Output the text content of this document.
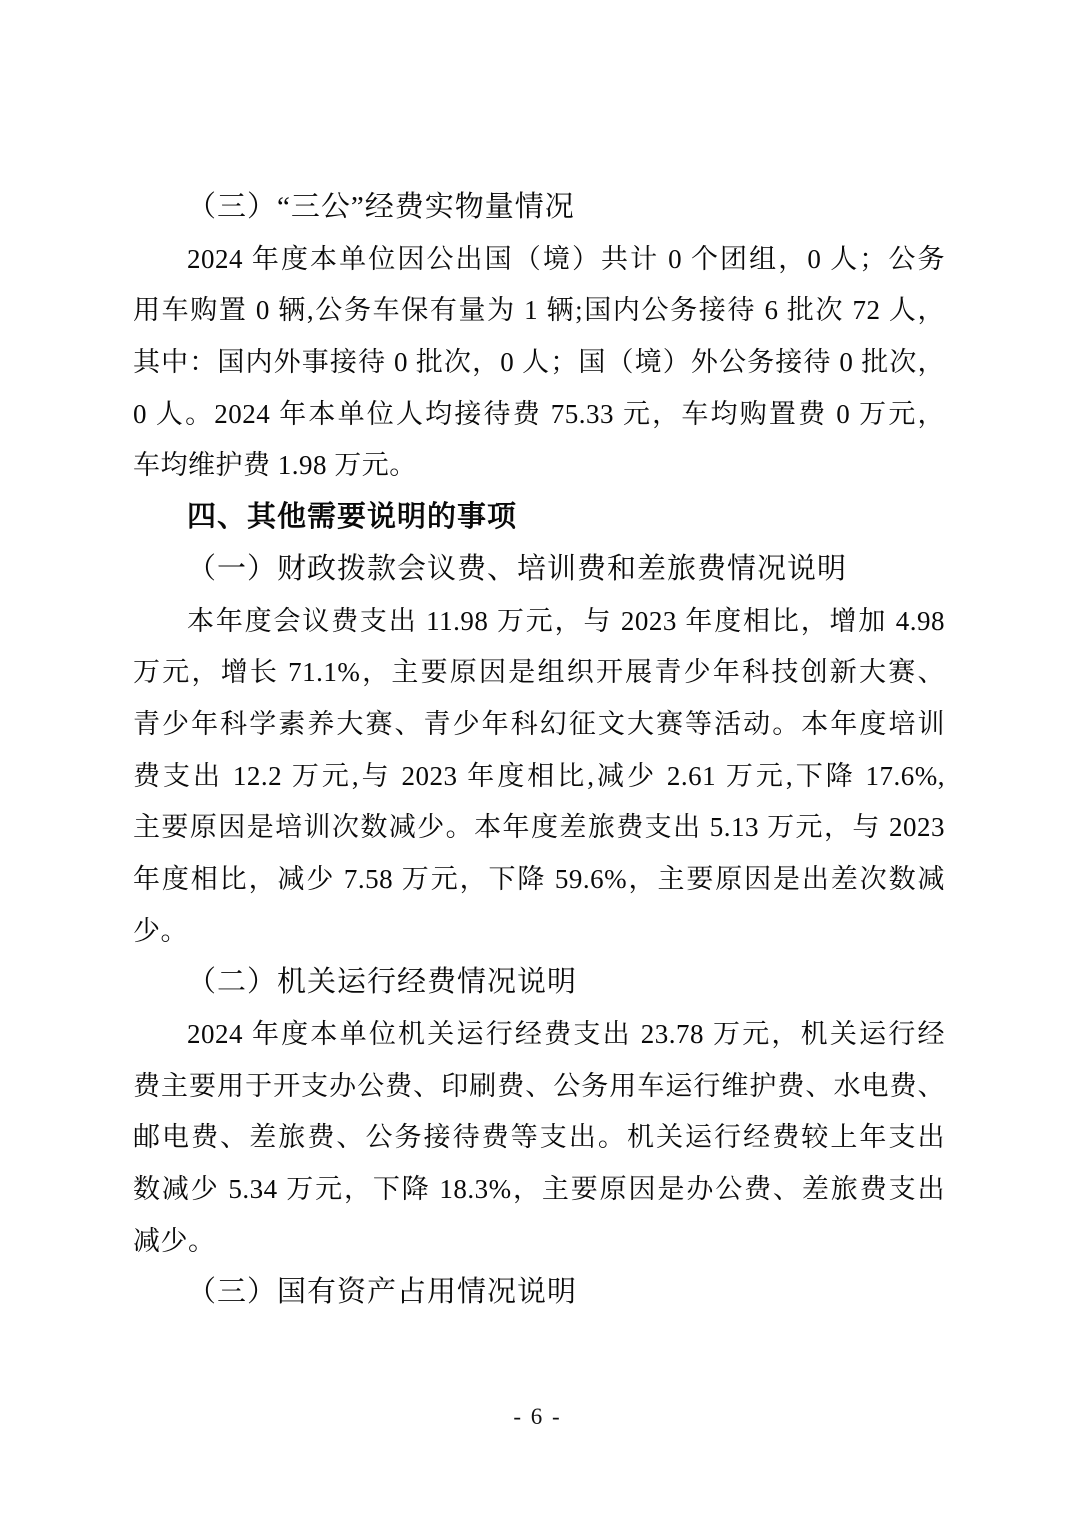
（三）“三公”经费实物量情况

2024 年度本单位因公出国（境）共计 0 个团组，0 人；公务

用车购置 0 辆,公务车保有量为 1 辆;国内公务接待 6 批次 72 人，

其中：国内外事接待 0 批次，0 人；国（境）外公务接待 0 批次，

0 人。2024 年本单位人均接待费 75.33 元，车均购置费 0 万元，

车均维护费 1.98 万元。

四、其他需要说明的事项

（一）财政拨款会议费、培训费和差旅费情况说明

本年度会议费支出 11.98 万元，与 2023 年度相比，增加 4.98

万元，增长 71.1%，主要原因是组织开展青少年科技创新大赛、

青少年科学素养大赛、青少年科幻征文大赛等活动。本年度培训

费支出 12.2 万元,与 2023 年度相比,减少 2.61 万元,下降 17.6%,

主要原因是培训次数减少。本年度差旅费支出 5.13 万元，与 2023

年度相比，减少 7.58 万元，下降 59.6%，主要原因是出差次数减

少。

（二）机关运行经费情况说明

2024 年度本单位机关运行经费支出 23.78 万元，机关运行经

费主要用于开支办公费、印刷费、公务用车运行维护费、水电费、

邮电费、差旅费、公务接待费等支出。机关运行经费较上年支出

数减少 5.34 万元，下降 18.3%，主要原因是办公费、差旅费支出

减少。

（三）国有资产占用情况说明

- 6 -
